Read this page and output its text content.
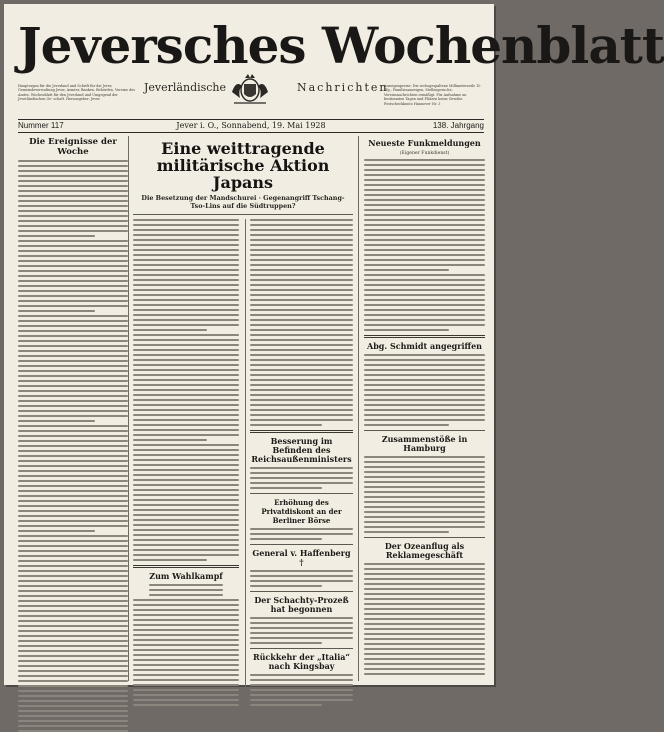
Jeversches Wochenblatt
Hauptorgan für die Jeverland und Schrift für die Jever, Gemeindeverwaltung Jever, Aemter, Banken, Behörden, Vereine des Amtes. Wochenblatt für den Jeverland und Umgegend der Jeverländischen Ge- schaft. Herausgeber: Jever.
Anzeigenpreise: Die sechsgespaltene Millimeterzeile 10 Pfg., Familienanzeigen, Stellengesuche, Vereinsnachrichten ermäßigt. Für Aufnahme an bestimmten Tagen und Plätzen keine Gewähr. Postscheckkonto Hannover Nr. 3
Jeverländische	Nachrichten
Nummer 117	Jever i. O., Sonnabend, 19. Mai 1928	138. Jahrgang
Die Ereignisse der Woche	Eine weittragende militärische Aktion Japans
Die Besetzung der Mandschurei · Gegenangriff Tschang-Tso-Lins auf die Südtruppen?
Zum Wahlkampf
Besserung im Befinden des Reichsaußenministers
Erhöhung des Privatdiskont an der Berliner Börse
General v. Haffenberg †
Der Schachty-Prozeß hat begonnen
Rückkehr der „Italia“ nach Kingsbay
Neueste Funkmeldungen
(Eigener Funkdienst)
Abg. Schmidt angegriffen
Zusammenstöße in Hamburg
Der Ozeanflug als Reklamegeschäft
